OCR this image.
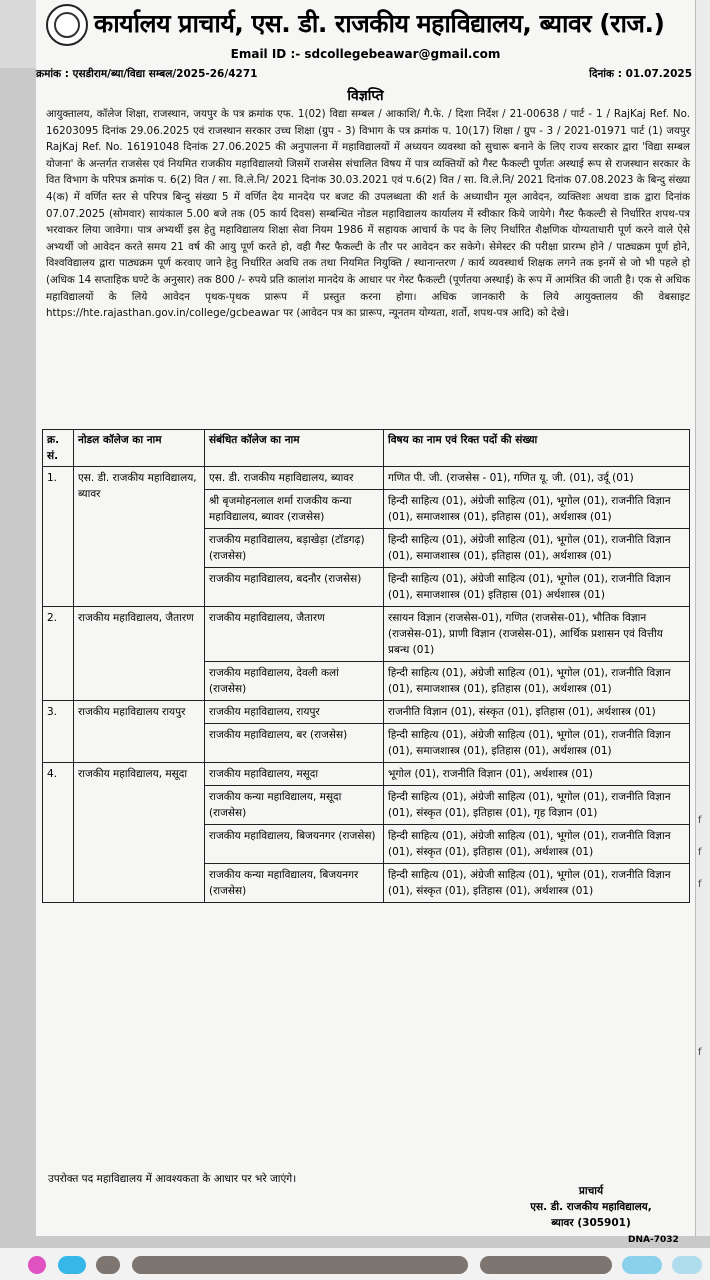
f
f
f
f
कार्यालय प्राचार्य, एस. डी. राजकीय महाविद्यालय, ब्यावर (राज.)
Email ID :- sdcollegebeawar@gmail.com
क्रमांक : एसडीराम/ब्या/विद्या सम्बल/2025-26/4271	दिनांक : 01.07.2025
विज्ञप्ति
आयुक्तालय, कॉलेज शिक्षा, राजस्थान, जयपुर के पत्र क्रमांक एफ. 1(02) विद्या सम्बल / आकाशि/ गै.फे. / दिशा निर्देश / 21-00638 / पार्ट - 1 / RajKaj Ref. No. 16203095 दिनांक 29.06.2025 एवं राजस्थान सरकार उच्च शिक्षा (ग्रुप - 3) विभाग के पत्र क्रमांक प. 10(17) शिक्षा / ग्रुप - 3 / 2021-01971 पार्ट (1) जयपुर RajKaj Ref. No. 16191048 दिनांक 27.06.2025 की अनुपालना में महाविद्यालयों में अध्ययन व्यवस्था को सुचारू बनाने के लिए राज्य सरकार द्वारा 'विद्या सम्बल योजना' के अन्तर्गत राजसेस एवं नियमित राजकीय महाविद्यालयो जिसमें राजसेस संचालित विषय में पात्र व्यक्तियों को गैस्ट फैकल्टी पूर्णतः अस्थाई रूप से राजस्थान सरकार के वित विभाग के परिपत्र क्रमांक प. 6(2) वित / सा. वि.ले.नि/ 2021 दिनांक 30.03.2021 एवं प.6(2) वित / सा. वि.ले.नि/ 2021 दिनांक 07.08.2023 के बिन्दु संख्या 4(क) में वर्णित स्तर से परिपत्र बिन्दु संख्या 5 में वर्णित देय मानदेय पर बजट की उपलब्धता की शर्त के अध्याधीन मूल आवेदन, व्यक्तिशः अथवा डाक द्वारा दिनांक 07.07.2025 (सोमवार) सायंकाल 5.00 बजे तक (05 कार्य दिवस) सम्बन्धित नोडल महाविद्यालय कार्यालय में स्वीकार किये जायेगे। गैस्ट फैकल्टी से निर्धारित शपथ-पत्र भरवाकर लिया जावेगा। पात्र अभ्यर्थी इस हेतु महाविद्यालय शिक्षा सेवा नियम 1986 में सहायक आचार्य के पद के लिए निर्धारित शैक्षणिक योग्यताधारी पूर्ण करने वाले ऐसे अभ्यर्थी जो आवेदन करते समय 21 वर्ष की आयु पूर्ण करते हो, वही गैस्ट फैकल्टी के तौर पर आवेदन कर सकेगे। सेमेस्टर की परीक्षा प्रारम्भ होने / पाठ्यक्रम पूर्ण होने, विश्वविद्यालय द्वारा पाठ्यक्रम पूर्ण करवाए जाने हेतु निर्धारित अवधि तक तथा नियमित नियुक्ति / स्थानान्तरण / कार्य व्यवस्थार्थ शिक्षक लगने तक इनमें से जो भी पहले हो (अधिक 14 सप्ताहिक घण्टे के अनुसार) तक 800 /- रुपये प्रति कालांश मानदेय के आधार पर गेस्ट फैकल्टी (पूर्णतया अस्थाई) के रूप में आमंत्रित की जाती है। एक से अधिक महाविद्यालयों के लिये आवेदन पृथक-पृथक प्रारूप में प्रस्तुत करना होगा। अधिक जानकारी के लिये आयुक्तालय की वेबसाइट https://hte.rajasthan.gov.in/college/gcbeawar पर (आवेदन पत्र का प्रारूप, न्यूनतम योग्यता, शर्तो, शपथ-पत्र आदि) को देखे।
क्र. सं.	नोडल कॉलेज का नाम	संबंधित कॉलेज का नाम	विषय का नाम एवं रिक्त पदों की संख्या
1.	एस. डी. राजकीय महाविद्यालय, ब्यावर	एस. डी. राजकीय महाविद्यालय, ब्यावर	गणित पी. जी. (राजसेस - 01), गणित यू. जी. (01), उर्दू (01)
		श्री बृजमोहनलाल शर्मा राजकीय कन्या महाविद्यालय, ब्यावर (राजसेस)	हिन्दी साहित्य (01), अंग्रेजी साहित्य (01), भूगोल (01), राजनीति विज्ञान (01), समाजशास्त्र (01), इतिहास (01), अर्थशास्त्र (01)
		राजकीय महाविद्यालय, बड़ाखेड़ा (टॉडगढ़) (राजसेस)	हिन्दी साहित्य (01), अंग्रेजी साहित्य (01), भूगोल (01), राजनीति विज्ञान (01), समाजशास्त्र (01), इतिहास (01), अर्थशास्त्र (01)
		राजकीय महाविद्यालय, बदनौर (राजसेस)	हिन्दी साहित्य (01), अंग्रेजी साहित्य (01), भूगोल (01), राजनीति विज्ञान (01), समाजशास्त्र (01) इतिहास (01) अर्थशास्त्र (01)
2.	राजकीय महाविद्यालय, जैतारण	राजकीय महाविद्यालय, जैतारण	रसायन विज्ञान (राजसेस-01), गणित (राजसेस-01), भौतिक विज्ञान (राजसेस-01), प्राणी विज्ञान (राजसेस-01), आर्थिक प्रशासन एवं वित्तीय प्रबन्ध (01)
		राजकीय महाविद्यालय, देवली कलां (राजसेस)	हिन्दी साहित्य (01), अंग्रेजी साहित्य (01), भूगोल (01), राजनीति विज्ञान (01), समाजशास्त्र (01), इतिहास (01), अर्थशास्त्र (01)
3.	राजकीय महाविद्यालय रायपुर	राजकीय महाविद्यालय, रायपुर	राजनीति विज्ञान (01), संस्कृत (01), इतिहास (01), अर्थशास्त्र (01)
		राजकीय महाविद्यालय, बर (राजसेस)	हिन्दी साहित्य (01), अंग्रेजी साहित्य (01), भूगोल (01), राजनीति विज्ञान (01), समाजशास्त्र (01), इतिहास (01), अर्थशास्त्र (01)
4.	राजकीय महाविद्यालय, मसूदा	राजकीय महाविद्यालय, मसूदा	भूगोल (01), राजनीति विज्ञान (01), अर्थशास्त्र (01)
		राजकीय कन्या महाविद्यालय, मसूदा (राजसेस)	हिन्दी साहित्य (01), अंग्रेजी साहित्य (01), भूगोल (01), राजनीति विज्ञान (01), संस्कृत (01), इतिहास (01), गृह विज्ञान (01)
		राजकीय महाविद्यालय, बिजयनगर (राजसेस)	हिन्दी साहित्य (01), अंग्रेजी साहित्य (01), भूगोल (01), राजनीति विज्ञान (01), संस्कृत (01), इतिहास (01), अर्थशास्त्र (01)
		राजकीय कन्या महाविद्यालय, बिजयनगर (राजसेस)	हिन्दी साहित्य (01), अंग्रेजी साहित्य (01), भूगोल (01), राजनीति विज्ञान (01), संस्कृत (01), इतिहास (01), अर्थशास्त्र (01)
उपरोक्त पद महाविद्यालय में आवश्यकता के आधार पर भरे जाएंगे।
प्राचार्य
एस. डी. राजकीय महाविद्यालय,
ब्यावर (305901)
DNA-7032
